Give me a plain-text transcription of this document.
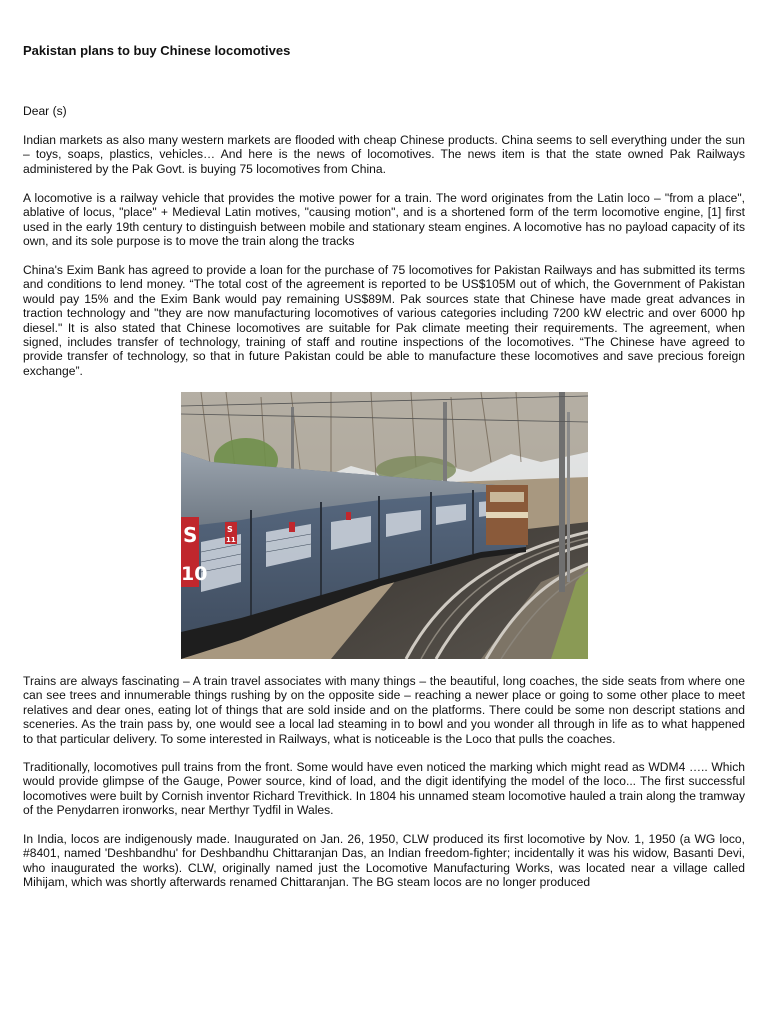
Pakistan plans to buy Chinese locomotives

Dear (s)

Indian markets as also many western markets are flooded with cheap Chinese products. China seems to sell everything under the sun – toys, soaps, plastics, vehicles… And here is the news of locomotives. The news item is that the state owned Pak Railways administered by the Pak Govt. is buying 75 locomotives from China.

A locomotive is a railway vehicle that provides the motive power for a train. The word originates from the Latin loco – "from a place", ablative of locus, "place" + Medieval Latin motives, "causing motion", and is a shortened form of the term locomotive engine, [1] first used in the early 19th century to distinguish between mobile and stationary steam engines. A locomotive has no payload capacity of its own, and its sole purpose is to move the train along the tracks

China's Exim Bank has agreed to provide a loan for the purchase of 75 locomotives for Pakistan Railways and has submitted its terms and conditions to lend money. “The total cost of the agreement is reported to be US$105M out of which, the Government of Pakistan would pay 15% and the Exim Bank would pay remaining US$89M. Pak sources state that Chinese have made great advances in traction technology and "they are now manufacturing locomotives of various categories including 7200 kW electric and over 6000 hp diesel." It is also stated that Chinese locomotives are suitable for Pak climate meeting their requirements. The agreement, when signed, includes transfer of technology, training of staff and routine inspections of the locomotives. “The Chinese have agreed to provide transfer of technology, so that in future Pakistan could be able to manufacture these locomotives and save precious foreign exchange”.

S
10
S
11

Trains are always fascinating – A train travel associates with many things – the beautiful, long coaches, the side seats from where one can see trees and innumerable things rushing by on the opposite side – reaching a newer place or going to some other place to meet relatives and dear ones, eating lot of things that are sold inside and on the platforms. There could be some non descript stations and sceneries. As the train pass by, one would see a local lad steaming in to bowl and you wonder all through in life as to what happened to that particular delivery. To some interested in Railways, what is noticeable is the Loco that pulls the coaches.

Traditionally, locomotives pull trains from the front. Some would have even noticed the marking which might read as WDM4 ….. Which would provide glimpse of the Gauge, Power source, kind of load, and the digit identifying the model of the loco... The first successful locomotives were built by Cornish inventor Richard Trevithick. In 1804 his unnamed steam locomotive hauled a train along the tramway of the Penydarren ironworks, near Merthyr Tydfil in Wales.

In India, locos are indigenously made. Inaugurated on Jan. 26, 1950, CLW produced its first locomotive by Nov. 1, 1950 (a WG loco, #8401, named 'Deshbandhu' for Deshbandhu Chittaranjan Das, an Indian freedom-fighter; incidentally it was his widow, Basanti Devi, who inaugurated the works). CLW, originally named just the Locomotive Manufacturing Works, was located near a village called Mihijam, which was shortly afterwards renamed Chittaranjan. The BG steam locos are no longer produced
